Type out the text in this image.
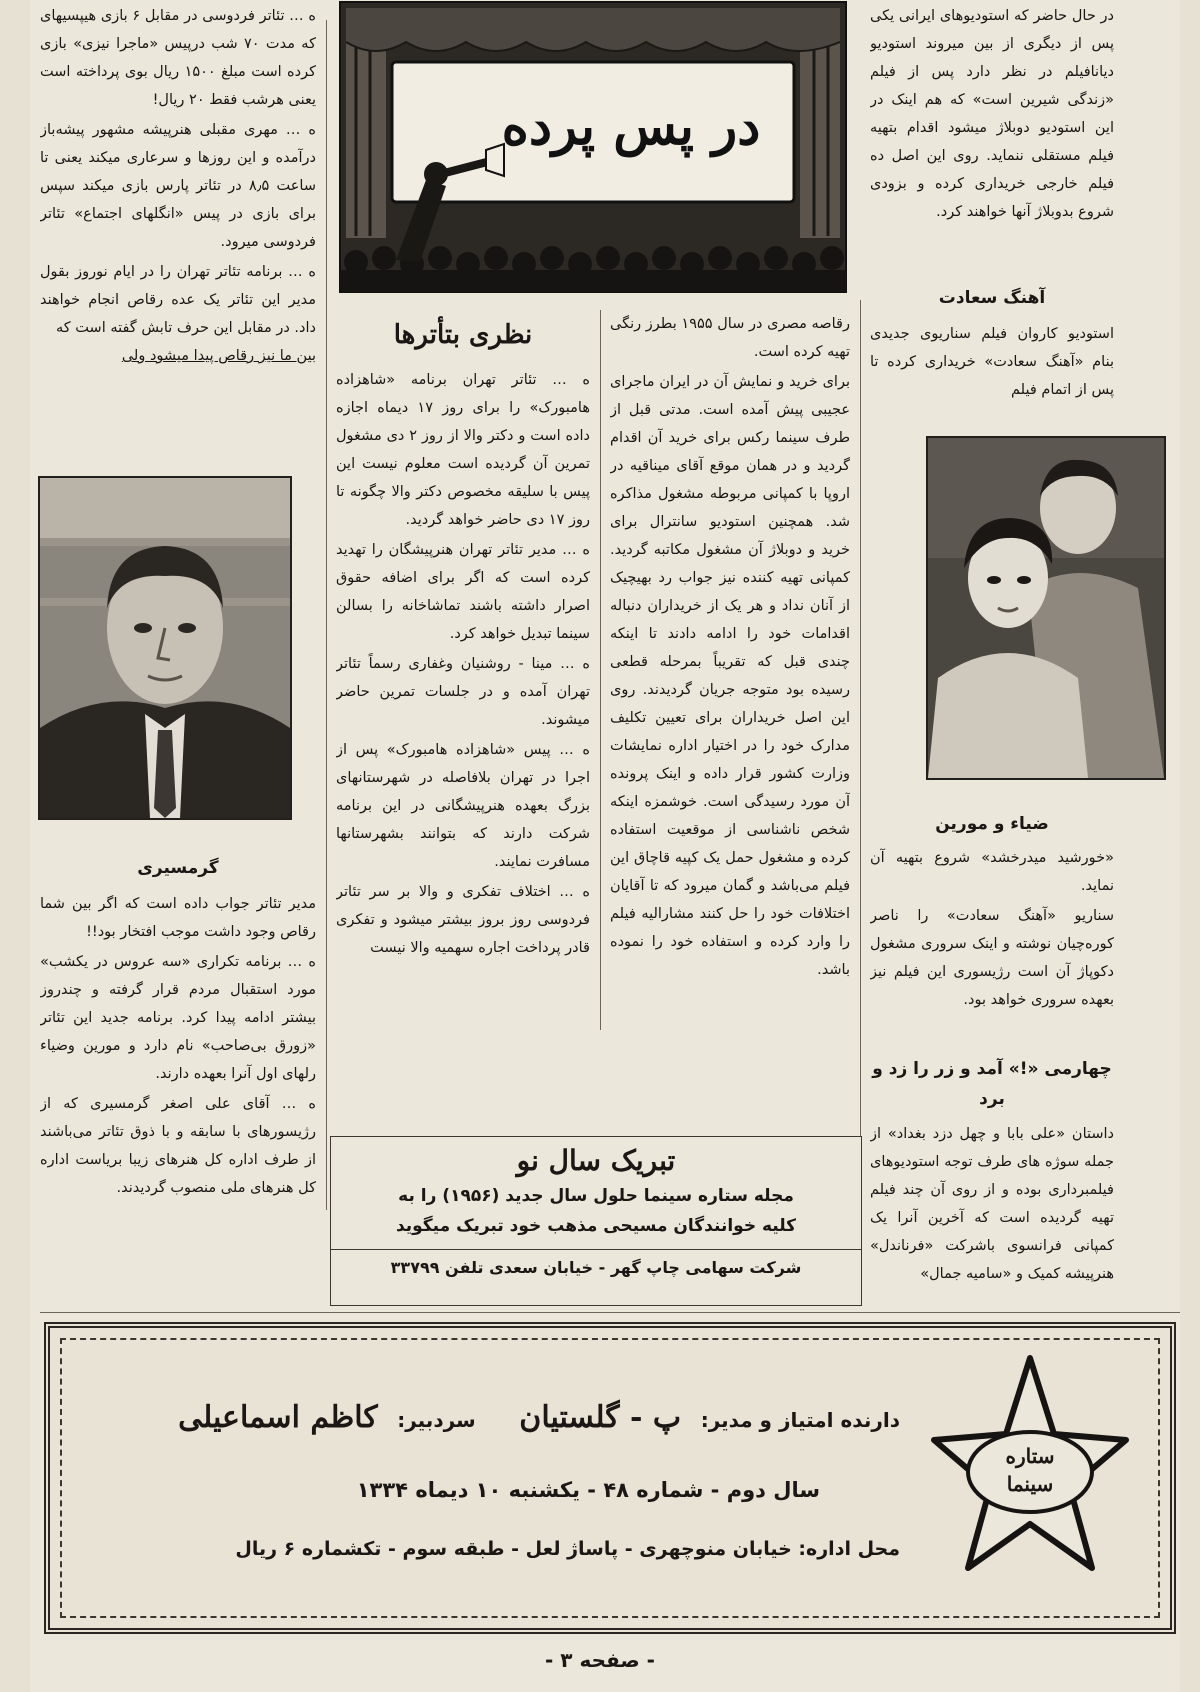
در پس پرده

ه … تئاتر فردوسی در مقابل ۶ بازی هیپسیهای که مدت ۷۰ شب درپیس «ماجرا نیزی» بازی کرده است مبلغ ۱۵۰۰ ریال بوی پرداخته است یعنی هرشب فقط ۲۰ ریال!

ه … مهری مقبلی هنرپیشه مشهور پیشه‌باز درآمده و این روزها و سرعاری میکند یعنی تا ساعت ۸٫۵ در تئاتر پارس بازی میکند سپس برای بازی در پیس «انگلهای اجتماع» تئاتر فردوسی میرود.

ه … برنامه تئاتر تهران را در ایام نوروز بقول مدیر این تئاتر یک عده رقاص انجام خواهند داد. در مقابل این حرف تابش گفته است که

بین ما نیز رقاص پیدا میشود ولی

گرمسیری

مدیر تئاتر جواب داده است که اگر بین شما رقاص وجود داشت موجب افتخار بود!!

ه … برنامه تکراری «سه عروس در یکشب» مورد استقبال مردم قرار گرفته و چندروز بیشتر ادامه پیدا کرد. برنامه جدید این تئاتر «زورق بی‌صاحب» نام دارد و مورین وضیاء رلهای اول آنرا بعهده دارند.

ه … آقای علی اصغر گرمسیری که از رژیسورهای با سابقه و با ذوق تئاتر می‌باشند از طرف اداره کل هنرهای زیبا بریاست اداره کل هنرهای ملی منصوب گردیدند.

نظری بتأترها

ه … تئاتر تهران برنامه «شاهزاده هامبورک» را برای روز ۱۷ دیماه اجازه داده است و دکتر والا از روز ۲ دی مشغول تمرین آن گردیده است معلوم نیست این پیس با سلیقه مخصوص دکتر والا چگونه تا روز ۱۷ دی حاضر خواهد گردید.

ه … مدیر تئاتر تهران هنرپیشگان را تهدید کرده است که اگر برای اضافه حقوق اصرار داشته باشند تماشاخانه را بسالن سینما تبدیل خواهد کرد.

ه … مینا - روشنیان وغفاری رسماً تئاتر تهران آمده و در جلسات تمرین حاضر میشوند.

ه … پیس «شاهزاده هامبورک» پس از اجرا در تهران بلافاصله در شهرستانهای بزرگ بعهده هنرپیشگانی در این برنامه شرکت دارند که بتوانند بشهرستانها مسافرت نمایند.

ه … اختلاف تفکری و والا بر سر تئاتر فردوسی روز بروز بیشتر میشود و تفکری قادر پرداخت اجاره سهمیه والا نیست

رقاصه مصری در سال ۱۹۵۵ بطرز رنگی تهیه کرده است.

برای خرید و نمایش آن در ایران ماجرای عجیبی پیش آمده است. مدتی قبل از طرف سینما رکس برای خرید آن اقدام گردید و در همان موقع آقای میناقیه در اروپا با کمپانی مربوطه مشغول مذاکره شد. همچنین استودیو سانترال برای خرید و دوبلاژ آن مشغول مکاتبه گردید. کمپانی تهیه کننده نیز جواب رد بهیچیک از آنان نداد و هر یک از خریداران دنباله اقدامات خود را ادامه دادند تا اینکه چندی قبل که تقریباً بمرحله قطعی رسیده بود متوجه جریان گردیدند. روی این اصل خریداران برای تعیین تکلیف مدارک خود را در اختیار اداره نمایشات وزارت کشور قرار داده و اینک پرونده آن مورد رسیدگی است. خوشمزه اینکه شخص ناشناسی از موقعیت استفاده کرده و مشغول حمل یک کپیه قاچاق این فیلم می‌باشد و گمان میرود که تا آقایان اختلافات خود را حل کنند مشارالیه فیلم را وارد کرده و استفاده خود را نموده باشد.

در حال حاضر که استودیوهای ایرانی یکی پس از دیگری از بین میروند استودیو دیانافیلم در نظر دارد پس از فیلم «زندگی شیرین است» که هم اینک در این استودیو دوبلاژ میشود اقدام بتهیه فیلم مستقلی ننماید. روی این اصل ده فیلم خارجی خریداری کرده و بزودی شروع بدوبلاژ آنها خواهند کرد.

آهنگ سعادت

استودیو کاروان فیلم سناریوی جدیدی بنام «آهنگ سعادت» خریداری کرده تا پس از اتمام فیلم

ضیاء و مورین

«خورشید میدرخشد» شروع بتهیه آن نماید.

سناریو «آهنگ سعادت» را ناصر کوره‌چیان نوشته و اینک سروری مشغول دکوپاژ آن است رژیسوری این فیلم نیز بعهده سروری خواهد بود.

چهارمی «!» آمد و زر را زد و برد

داستان «علی بابا و چهل دزد بغداد» از جمله سوژه های طرف توجه استودیوهای فیلمبرداری بوده و از روی آن چند فیلم تهیه گردیده است که آخرین آنرا یک کمپانی فرانسوی باشرکت «فرناندل» هنرپیشه کمیک و «سامیه جمال»

تبریک سال نو
مجله ستاره سینما حلول سال جدید (۱۹۵۶) را به
کلیه خوانندگان مسیحی مذهب خود تبریک میگوید
شرکت سهامی چاپ گهر - خیابان سعدی تلفن ۳۳۷۹۹
دارنده امتیاز و مدیر: پ - گلستیان سردبیر: کاظم اسماعیلی
سال دوم - شماره ۴۸ - یکشنبه ۱۰ دیماه ۱۳۳۴
محل اداره: خیابان منوچهری - پاساژ لعل - طبقه سوم - تکشماره ۶ ریال
ستاره
سینما
- صفحه ۳ -
